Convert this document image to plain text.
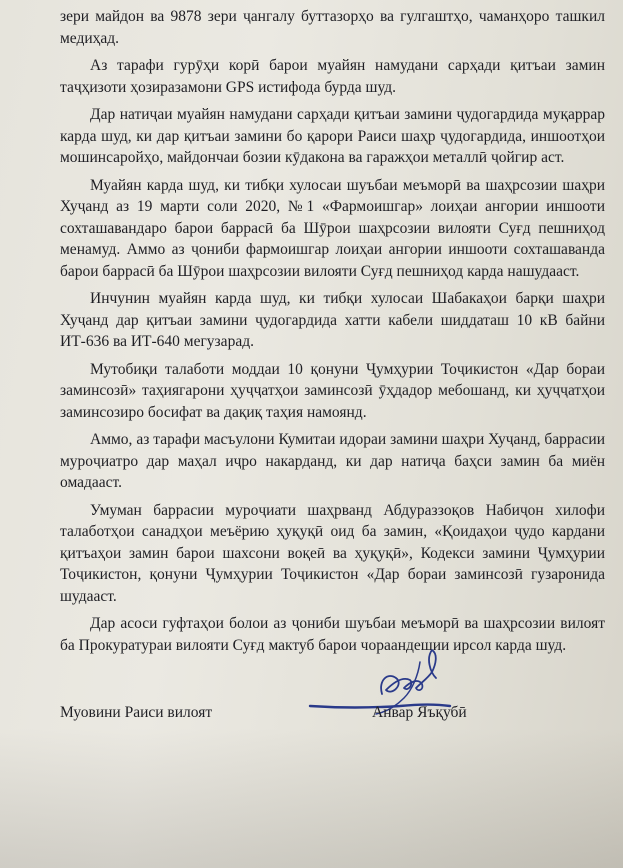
зери майдон ва 9878 зери ҷангалу буттазорҳо ва гулгаштҳо, чаманҳоро ташкил медиҳад.

Аз тарафи гурӯҳи корӣ барои муайян намудани сарҳади қитъаи замин таҷҳизоти ҳозиразамони GPS истифода бурда шуд.

Дар натиҷаи муайян намудани сарҳади қитъаи замини ҷудогардида муқаррар карда шуд, ки дар қитъаи замини бо қарори Раиси шаҳр ҷудогардида, иншоотҳои мошинсаройҳо, майдончаи бозии кӯдакона ва гаражҳои металлӣ ҷойгир аст.

Муайян карда шуд, ки тибқи хулосаи шуъбаи меъморӣ ва шаҳрсозии шаҳри Хуҷанд аз 19 марти соли 2020, №1 «Фармоишгар» лоиҳаи ангории иншооти сохташавандаро барои баррасӣ ба Шӯрои шаҳрсозии вилояти Суғд пешниҳод менамуд. Аммо аз ҷониби фармоишгар лоиҳаи ангории иншооти сохташаванда барои баррасӣ ба Шӯрои шаҳрсозии вилояти Суғд пешниҳод карда нашудааст.

Инчунин муайян карда шуд, ки тибқи хулосаи Шабакаҳои барқи шаҳри Хуҷанд дар қитъаи замини ҷудогардида хатти кабели шиддаташ 10 кВ байни ИТ-636 ва ИТ-640 мегузарад.

Мутобиқи талаботи моддаи 10 қонуни Ҷумҳурии Тоҷикистон «Дар бораи заминсозӣ» таҳиягарони ҳуҷҷатҳои заминсозӣ ӯҳдадор мебошанд, ки ҳуҷҷатҳои заминсозиро босифат ва дақиқ таҳия намоянд.

Аммо, аз тарафи масъулони Кумитаи идораи замини шаҳри Хуҷанд, баррасии муроҷиатро дар маҳал иҷро накарданд, ки дар натиҷа баҳси замин ба миён омадааст.

Умуман баррасии муроҷиати шаҳрванд Абдураззоқов Набиҷон хилофи талаботҳои санадҳои меъёрию ҳуқуқӣ оид ба замин, «Қоидаҳои ҷудо кардани қитъаҳои замин барои шахсони воқеӣ ва ҳуқуқӣ», Кодекси замини Ҷумҳурии Тоҷикистон, қонуни Ҷумҳурии Тоҷикистон «Дар бораи заминсозӣ гузаронида шудааст.

Дар асоси гуфтаҳои болои аз ҷониби шуъбаи меъморӣ ва шаҳрсозии вилоят ба Прокуратураи вилояти Суғд мактуб барои чораандешии ирсол карда шуд.

Муовини Раиси вилоят	Анвар Яъқубӣ
